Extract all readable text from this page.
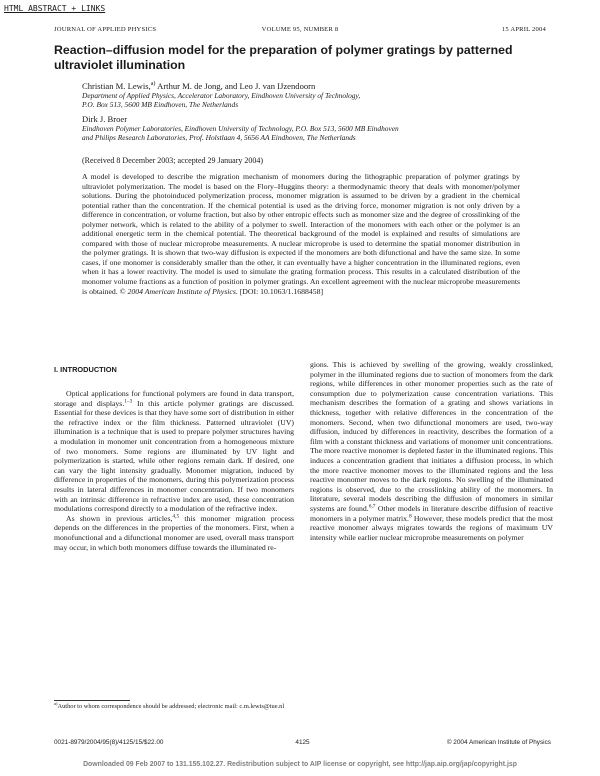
HTML ABSTRACT + LINKS
JOURNAL OF APPLIED PHYSICS	VOLUME 95, NUMBER 8	15 APRIL 2004
Reaction–diffusion model for the preparation of polymer gratings by patterned ultraviolet illumination
Christian M. Lewis,$^{a)}$ Arthur M. de Jong, and Leo J. van IJzendoorn
Department of Applied Physics, Accelerator Laboratory, Eindhoven University of Technology,
P.O. Box 513, 5600 MB Eindhoven, The Netherlands
Dirk J. Broer
Eindhoven Polymer Laboratories, Eindhoven University of Technology, P.O. Box 513, 5600 MB Eindhoven
and Philips Research Laboratories, Prof. Holstlaan 4, 5656 AA Eindhoven, The Netherlands
(Received 8 December 2003; accepted 29 January 2004)

A model is developed to describe the migration mechanism of monomers during the lithographic preparation of polymer gratings by ultraviolet polymerization. The model is based on the Flory–Huggins theory: a thermodynamic theory that deals with monomer/polymer solutions. During the photoinduced polymerization process, monomer migration is assumed to be driven by a gradient in the chemical potential rather than the concentration. If the chemical potential is used as the driving force, monomer migration is not only driven by a difference in concentration, or volume fraction, but also by other entropic effects such as monomer size and the degree of crosslinking of the polymer network, which is related to the ability of a polymer to swell. Interaction of the monomers with each other or the polymer is an additional energetic term in the chemical potential. The theoretical background of the model is explained and results of simulations are compared with those of nuclear microprobe measurements. A nuclear microprobe is used to determine the spatial monomer distribution in the polymer gratings. It is shown that two-way diffusion is expected if the monomers are both difunctional and have the same size. In some cases, if one monomer is considerably smaller than the other, it can eventually have a higher concentration in the illuminated regions, even when it has a lower reactivity. The model is used to simulate the grating formation process. This results in a calculated distribution of the monomer volume fractions as a function of position in polymer gratings. An excellent agreement with the nuclear microprobe measurements is obtained. © 2004 American Institute of Physics. [DOI: 10.1063/1.1688458]

I. INTRODUCTION

Optical applications for functional polymers are found in data transport, storage and displays.$^{1-3}$ In this article polymer gratings are discussed. Essential for these devices is that they have some sort of distribution in either the refractive index or the film thickness. Patterned ultraviolet (UV) illumination is a technique that is used to prepare polymer structures having a modulation in monomer unit concentration from a homogeneous mixture of two monomers. Some regions are illuminated by UV light and polymerization is started, while other regions remain dark. If desired, one can vary the light intensity gradually. Monomer migration, induced by difference in properties of the monomers, during this polymerization process results in lateral differences in monomer concentration. If two monomers with an intrinsic difference in refractive index are used, these concentration modulations correspond directly to a modulation of the refractive index.

As shown in previous articles,$^{4,5}$ this monomer migration process depends on the differences in the properties of the monomers. First, when a monofunctional and a difunctional monomer are used, overall mass transport may occur, in which both monomers diffuse towards the illuminated re-

gions. This is achieved by swelling of the growing, weakly crosslinked, polymer in the illuminated regions due to suction of monomers from the dark regions, while differences in other monomer properties such as the rate of consumption due to polymerization cause concentration variations. This mechanism describes the formation of a grating and shows variations in thickness, together with relative differences in the concentration of the monomers. Second, when two difunctional monomers are used, two-way diffusion, induced by differences in reactivity, describes the formation of a film with a constant thickness and variations of monomer unit concentrations. The more reactive monomer is depleted faster in the illuminated regions. This induces a concentration gradient that initiates a diffusion process, in which the more reactive monomer moves to the illuminated regions and the less reactive monomer moves to the dark regions. No swelling of the illuminated regions is observed, due to the crosslinking ability of the monomers. In literature, several models describing the diffusion of monomers in similar systems are found.$^{6,7}$ Other models in literature describe diffusion of reactive monomers in a polymer matrix.$^8$ However, these models predict that the most reactive monomer always migrates towards the regions of maximum UV intensity while earlier nuclear microprobe measurements on polymer

$^{a)}$Author to whom correspondence should be addressed; electronic mail: c.m.lewis@tue.nl
0021-8979/2004/95(8)/4125/15/$22.00	4125	© 2004 American Institute of Physics
Downloaded 09 Feb 2007 to 131.155.102.27. Redistribution subject to AIP license or copyright, see http://jap.aip.org/jap/copyright.jsp
